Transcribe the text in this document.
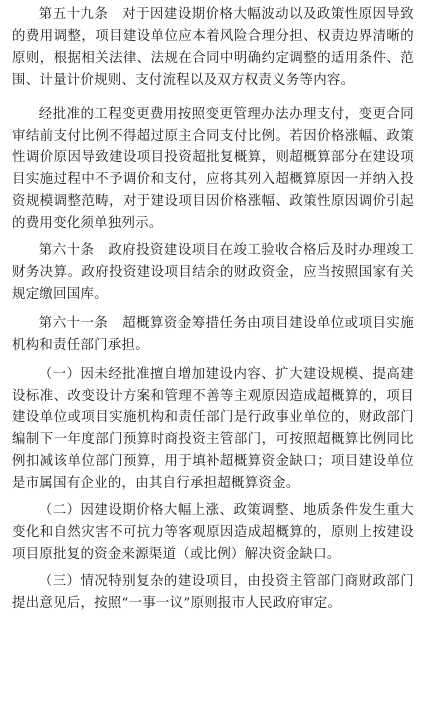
第五十九条　对于因建设期价格大幅波动以及政策性原因导致的费用调整，项目建设单位应本着风险合理分担、权责边界清晰的原则，根据相关法律、法规在合同中明确约定调整的适用条件、范围、计量计价规则、支付流程以及双方权责义务等内容。

经批准的工程变更费用按照变更管理办法办理支付，变更合同审结前支付比例不得超过原主合同支付比例。若因价格涨幅、政策性调价原因导致建设项目投资超批复概算，则超概算部分在建设项目实施过程中不予调价和支付，应将其列入超概算原因一并纳入投资规模调整范畴，对于建设项目因价格涨幅、政策性原因调价引起的费用变化须单独列示。

第六十条　政府投资建设项目在竣工验收合格后及时办理竣工财务决算。政府投资建设项目结余的财政资金，应当按照国家有关规定缴回国库。

第六十一条　超概算资金筹措任务由项目建设单位或项目实施机构和责任部门承担。

（一）因未经批准擅自增加建设内容、扩大建设规模、提高建设标准、改变设计方案和管理不善等主观原因造成超概算的，项目建设单位或项目实施机构和责任部门是行政事业单位的，财政部门编制下一年度部门预算时商投资主管部门，可按照超概算比例同比例扣减该单位部门预算，用于填补超概算资金缺口；项目建设单位是市属国有企业的，由其自行承担超概算资金。

（二）因建设期价格大幅上涨、政策调整、地质条件发生重大变化和自然灾害不可抗力等客观原因造成超概算的，原则上按建设项目原批复的资金来源渠道（或比例）解决资金缺口。

（三）情况特别复杂的建设项目，由投资主管部门商财政部门提出意见后，按照“一事一议”原则报市人民政府审定。
